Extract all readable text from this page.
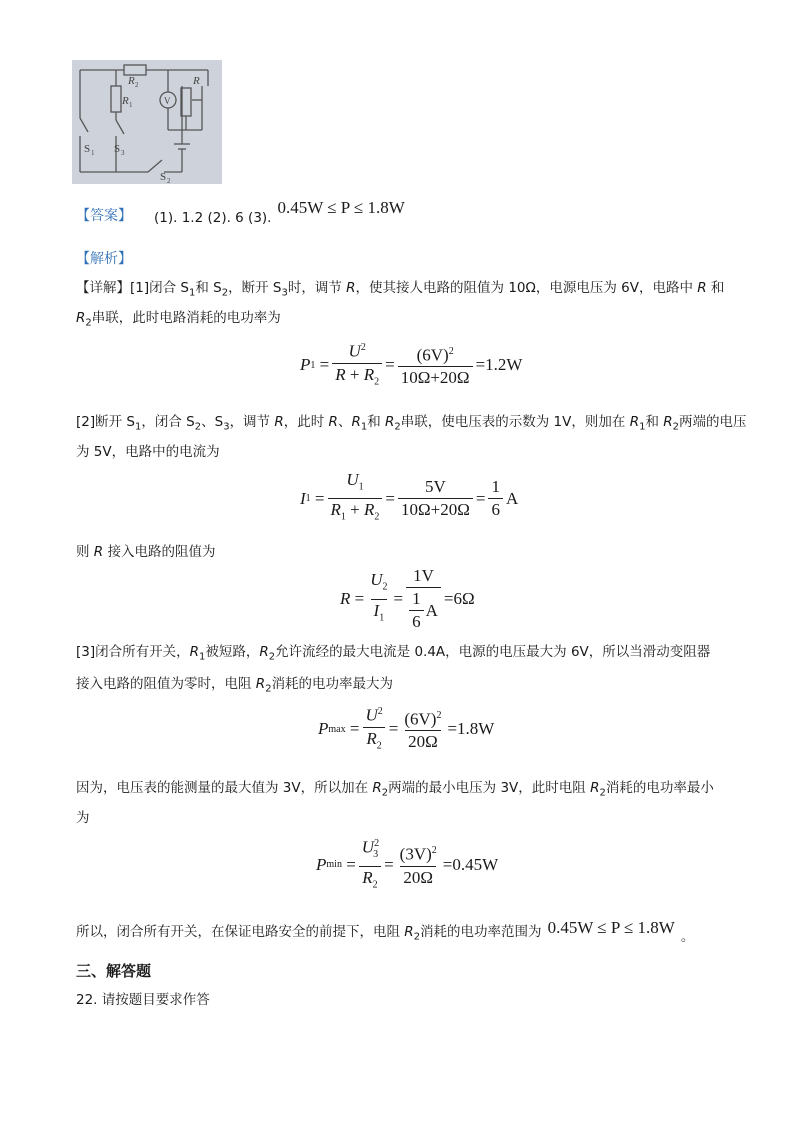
R 2
R 1	V
R
S 1 S 3
S 2
【答案】 (1). 1.2 (2). 6 (3).
0.45W ≤ P ≤ 1.8W
【解析】
【详解】[1]闭合 $S_1$和 $S_2$，断开 $S_3$时，调节 R，使其接人电路的阻值为 10Ω，电源电压为 6V，电路中 R 和
$R_2$串联，此时电路消耗的电功率为
P $1 = \frac{U^2}{R + R_2} = \frac{(6V)^2}{10\Omega+20\Omega} =1.2W$
[2]断开 $S_1$，闭合 $S_2$、$S_3$，调节 R，此时 R、$R_1$和 $R_2$串联，使电压表的示数为 1V，则加在 $R_1$和 $R_2$两端的电压
为 5V，电路中的电流为
I $1 = \frac{U_1}{R_1 + R_2} = \frac{5V}{10\Omega+20\Omega} = \frac{1}{6}$ A
则 R 接入电路的阻值为
$R = \frac{U_2}{I_1} = \frac{1V}{\frac{1}{6} A} =6\Omega$
[3]闭合所有开关，$R_1$被短路，$R_2$允许流经的最大电流是 0.4A，电源的电压最大为 6V，所以当滑动变阻器
接入电路的阻值为零时，电阻 $R_2$消耗的电功率最大为
P $\max = \frac{U^2}{R_2} = \frac{(6V)^2}{20\Omega} =1.8W$
因为，电压表的能测量的最大值为 3V，所以加在 $R_2$两端的最小电压为 3V，此时电阻 $R_2$消耗的电功率最小
为
P $\min = \frac{U^2_3}{R_2} = \frac{(3V)^2}{20\Omega} =0.45W$
所以，闭合所有开关，在保证电路安全的前提下，电阻 $R_2$消耗的电功率范围为 0.45W ≤ P ≤ 1.8W 。
三、解答题
22. 请按题目要求作答
